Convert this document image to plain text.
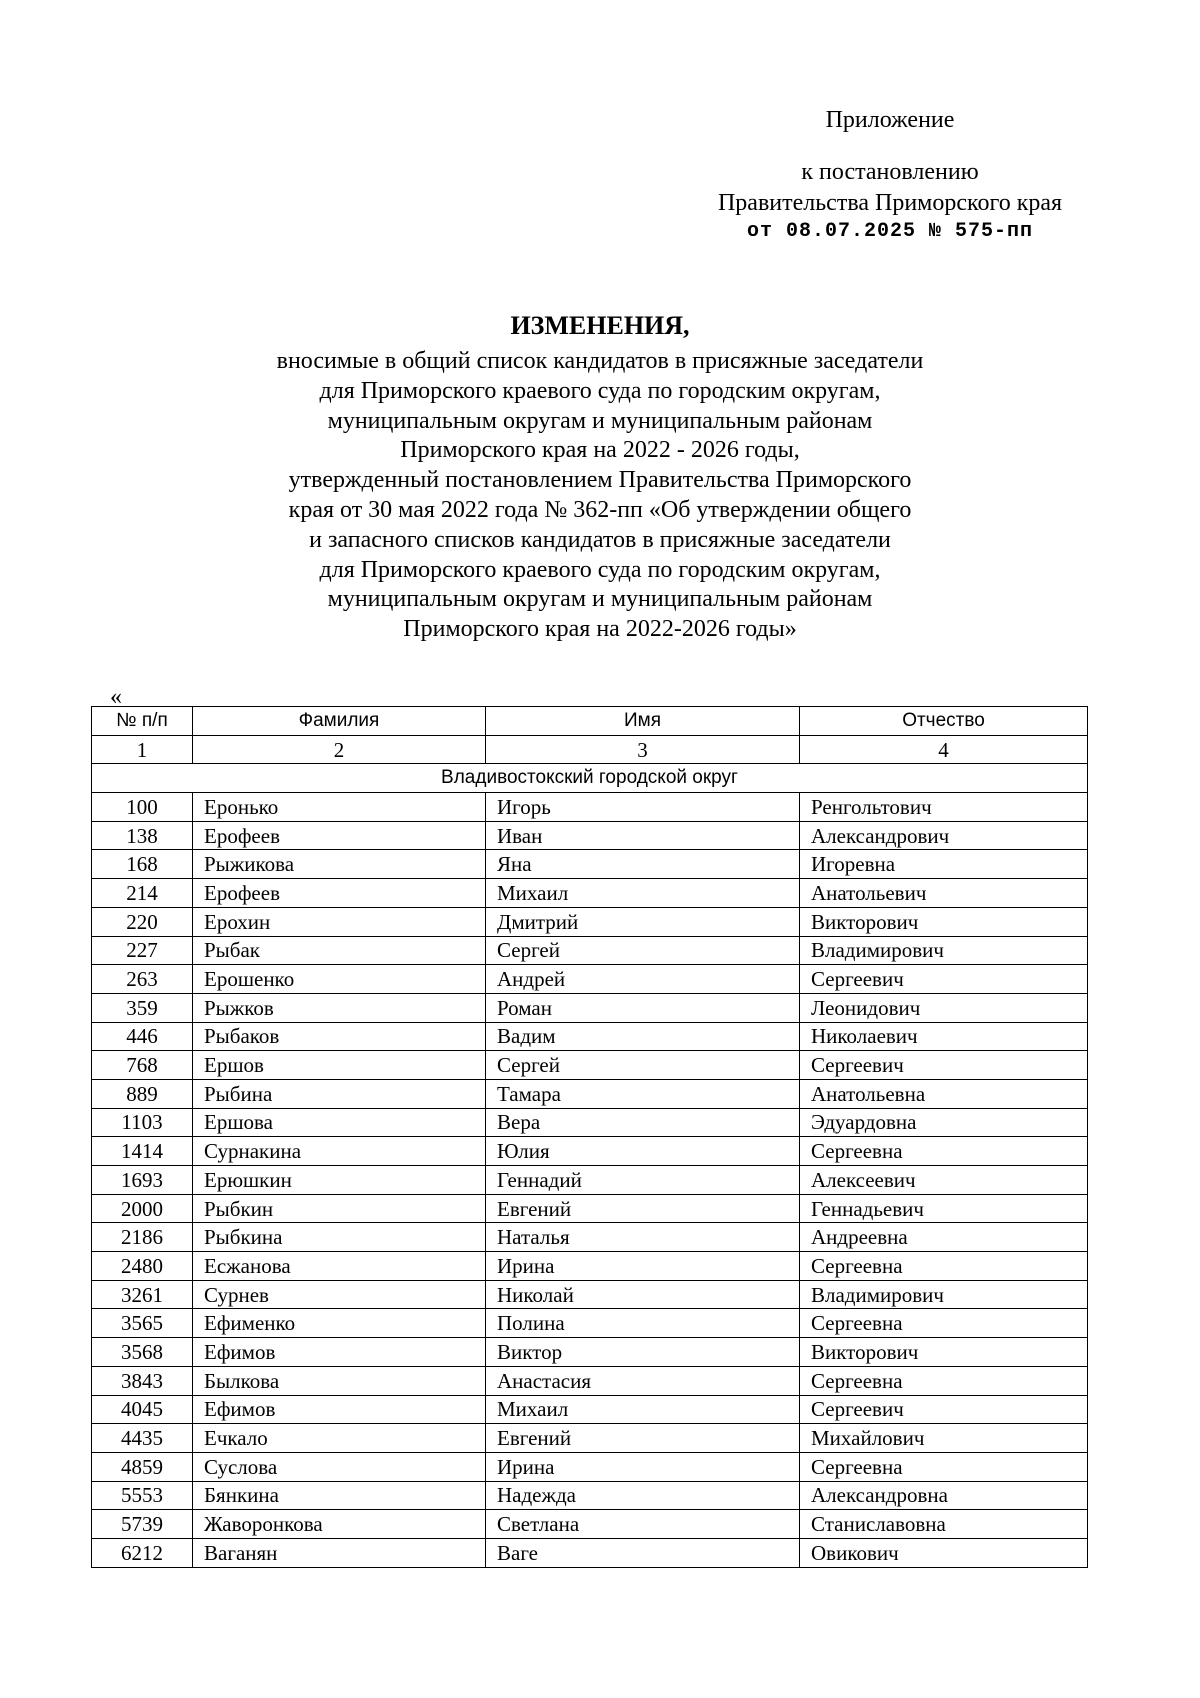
Приложение
к постановлению
Правительства Приморского края
от 08.07.2025 № 575-пп
ИЗМЕНЕНИЯ,
вносимые в общий список кандидатов в присяжные заседатели
для Приморского краевого суда по городским округам,
муниципальным округам и муниципальным районам
Приморского края на 2022 - 2026 годы,
утвержденный постановлением Правительства Приморского
края от 30 мая 2022 года № 362-пп «Об утверждении общего
и запасного списков кандидатов в присяжные заседатели
для Приморского краевого суда по городским округам,
муниципальным округам и муниципальным районам
Приморского края на 2022-2026 годы»
«
№ п/п	Фамилия	Имя	Отчество
1	2	3	4
Владивостокский городской округ			
100	Еронько	Игорь	Ренгольтович
138	Ерофеев	Иван	Александрович
168	Рыжикова	Яна	Игоревна
214	Ерофеев	Михаил	Анатольевич
220	Ерохин	Дмитрий	Викторович
227	Рыбак	Сергей	Владимирович
263	Ерошенко	Андрей	Сергеевич
359	Рыжков	Роман	Леонидович
446	Рыбаков	Вадим	Николаевич
768	Ершов	Сергей	Сергеевич
889	Рыбина	Тамара	Анатольевна
1103	Ершова	Вера	Эдуардовна
1414	Сурнакина	Юлия	Сергеевна
1693	Ерюшкин	Геннадий	Алексеевич
2000	Рыбкин	Евгений	Геннадьевич
2186	Рыбкина	Наталья	Андреевна
2480	Есжанова	Ирина	Сергеевна
3261	Сурнев	Николай	Владимирович
3565	Ефименко	Полина	Сергеевна
3568	Ефимов	Виктор	Викторович
3843	Былкова	Анастасия	Сергеевна
4045	Ефимов	Михаил	Сергеевич
4435	Ечкало	Евгений	Михайлович
4859	Суслова	Ирина	Сергеевна
5553	Бянкина	Надежда	Александровна
5739	Жаворонкова	Светлана	Станиславовна
6212	Ваганян	Ваге	Овикович
